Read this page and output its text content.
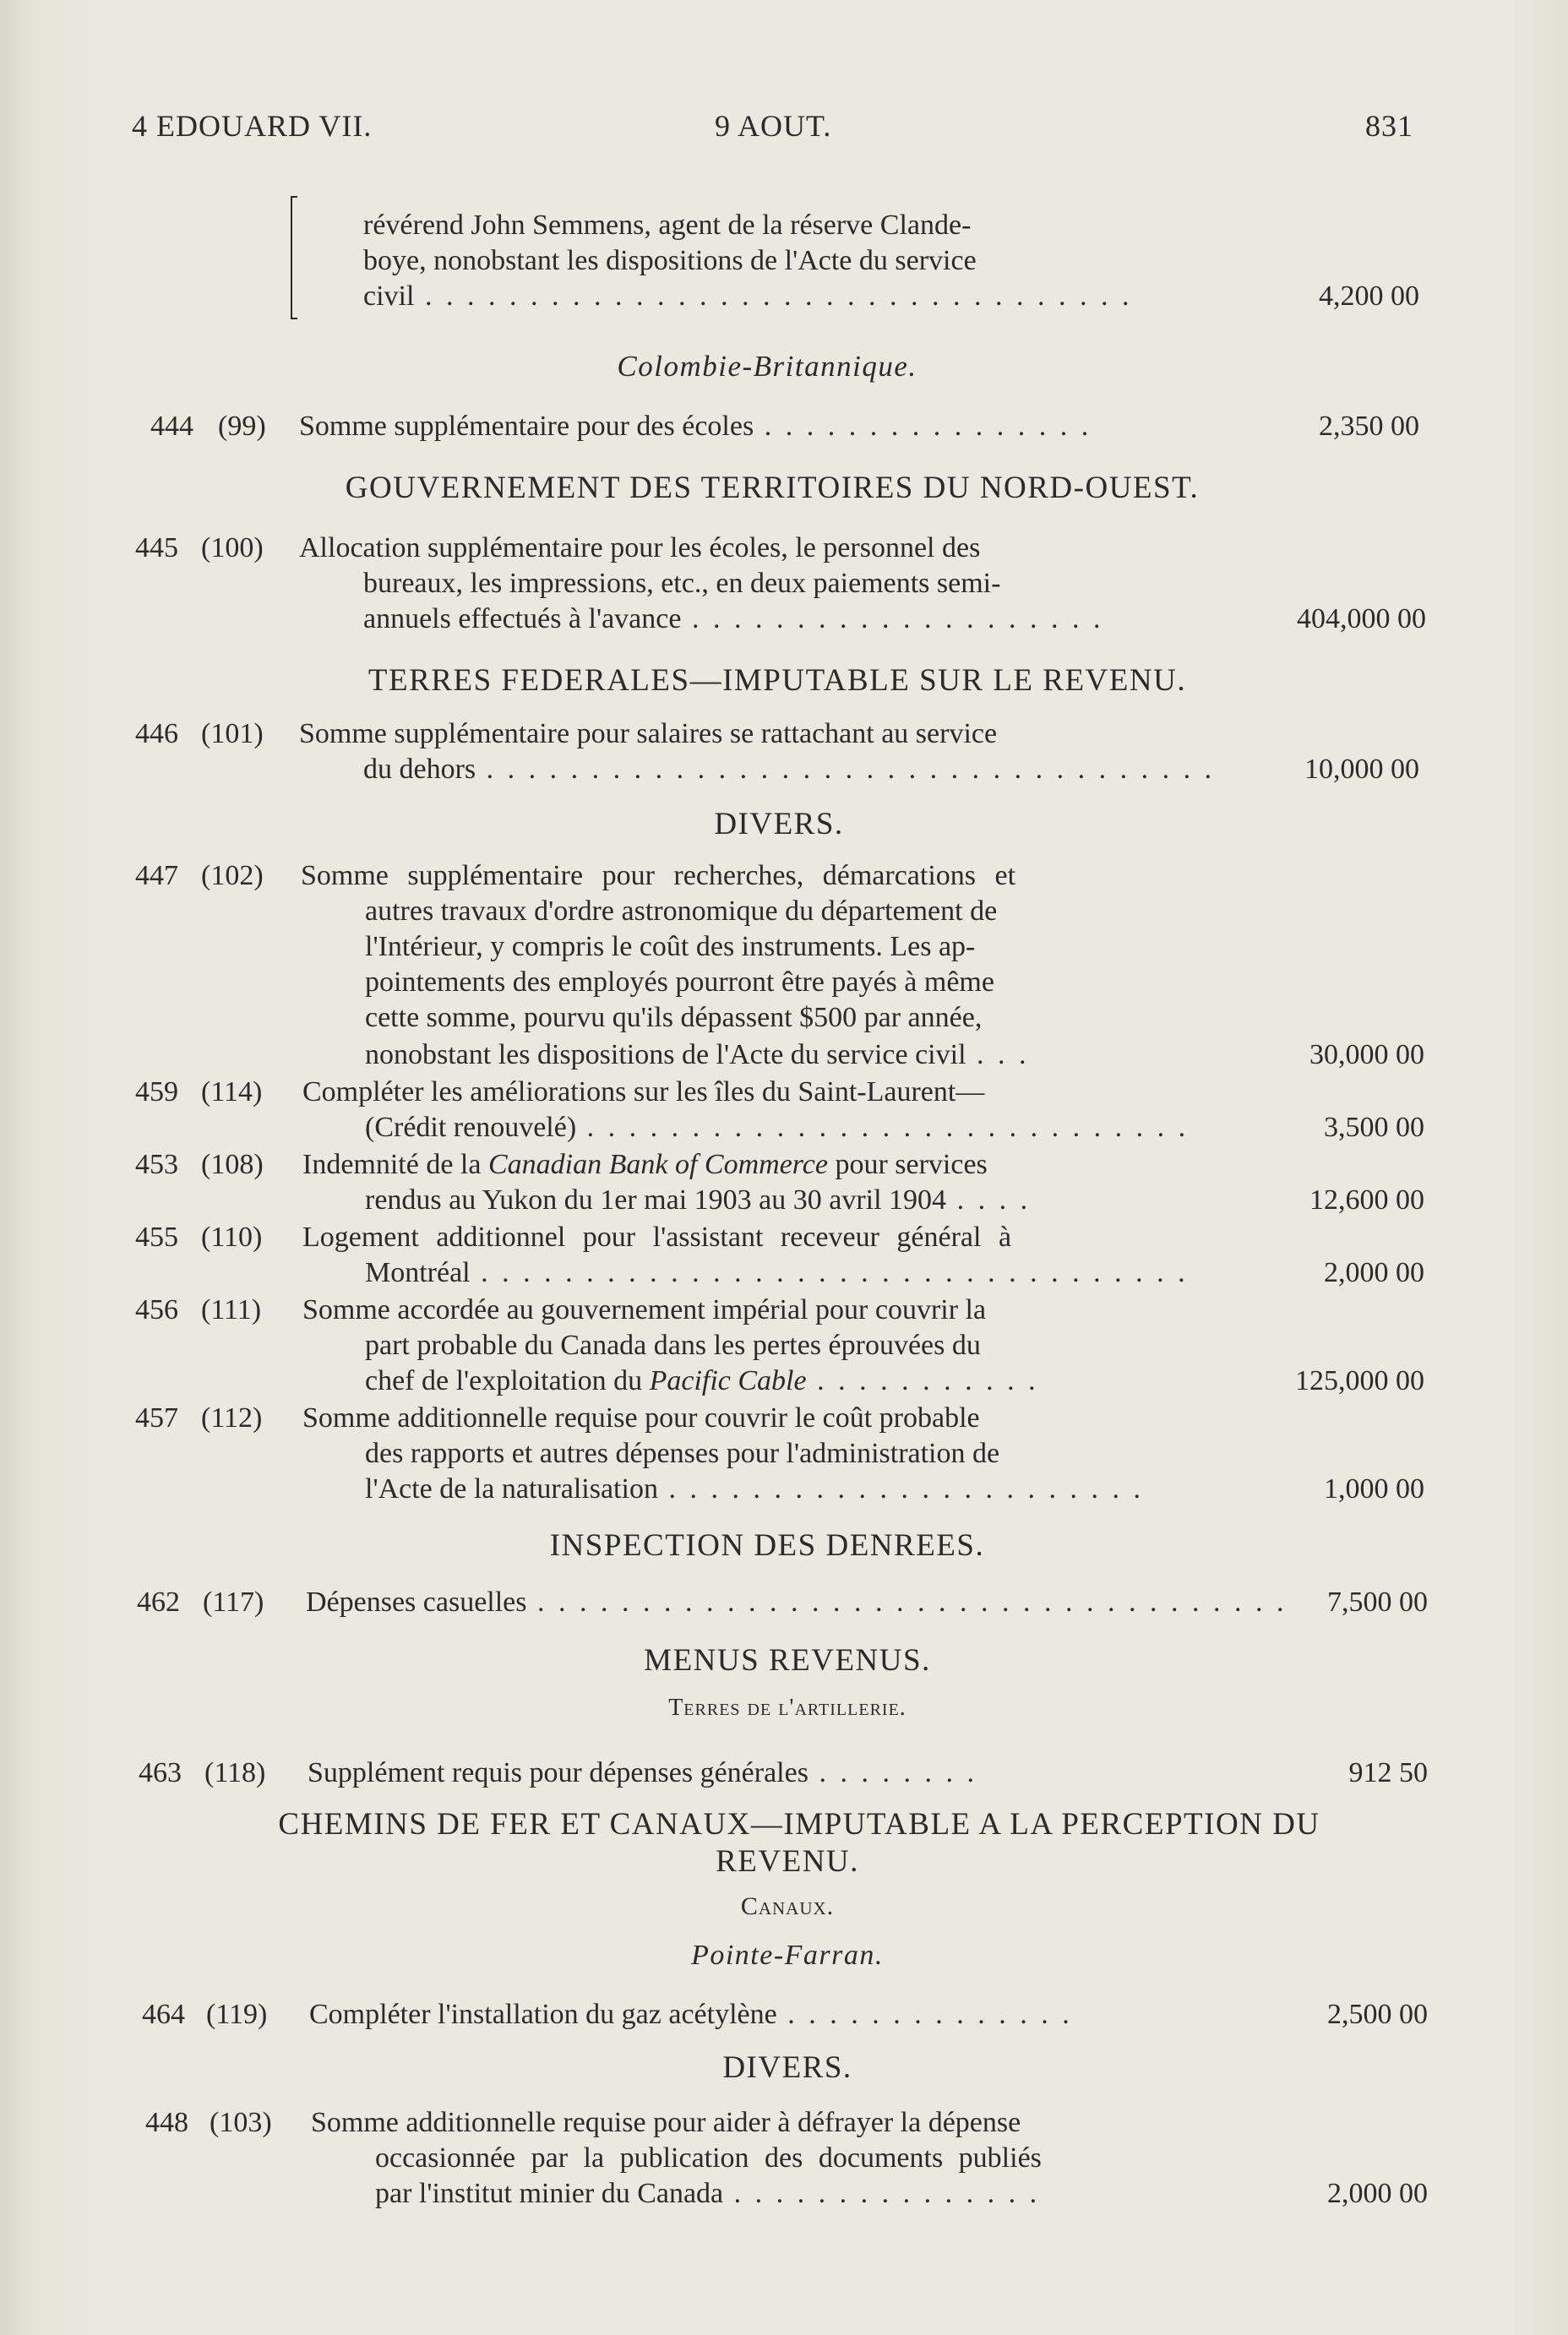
4 EDOUARD VII.	9 AOUT.	831
révérend John Semmens, agent de la réserve Clande-
boye, nonobstant les dispositions de l'Acte du service
civil . . . . . . . . . . . . . . . . . . . . . . . . . . . . . . . . . .	4,200 00
Colombie-Britannique.
444 (99) Somme supplémentaire pour des écoles . . . . . . . . . . . . . . . .	2,350 00
GOUVERNEMENT DES TERRITOIRES DU NORD-OUEST.
445 (100) Allocation supplémentaire pour les écoles, le personnel des
bureaux, les impressions, etc., en deux paiements semi-
annuels effectués à l'avance . . . . . . . . . . . . . . . . . . . .	404,000 00
TERRES FEDERALES—IMPUTABLE SUR LE REVENU.
446 (101) Somme supplémentaire pour salaires se rattachant au service
du dehors . . . . . . . . . . . . . . . . . . . . . . . . . . . . . . . . . . .	10,000 00
DIVERS.
447 (102) Somme supplémentaire pour recherches, démarcations et
autres travaux d'ordre astronomique du département de
l'Intérieur, y compris le coût des instruments. Les ap-
pointements des employés pourront être payés à même
cette somme, pourvu qu'ils dépassent $500 par année,
nonobstant les dispositions de l'Acte du service civil . . .	30,000 00
459 (114) Compléter les améliorations sur les îles du Saint-Laurent—
(Crédit renouvelé) . . . . . . . . . . . . . . . . . . . . . . . . . . . . .	3,500 00
453 (108) Indemnité de la Canadian Bank of Commerce pour services
rendus au Yukon du 1er mai 1903 au 30 avril 1904 . . . .	12,600 00
455 (110) Logement additionnel pour l'assistant receveur général à
Montréal . . . . . . . . . . . . . . . . . . . . . . . . . . . . . . . . . .	2,000 00
456 (111) Somme accordée au gouvernement impérial pour couvrir la
part probable du Canada dans les pertes éprouvées du
chef de l'exploitation du Pacific Cable . . . . . . . . . . .	125,000 00
457 (112) Somme additionnelle requise pour couvrir le coût probable
des rapports et autres dépenses pour l'administration de
l'Acte de la naturalisation . . . . . . . . . . . . . . . . . . . . . . .	1,000 00
INSPECTION DES DENREES.
462 (117) Dépenses casuelles . . . . . . . . . . . . . . . . . . . . . . . . . . . . . . . . . . . . 7,500 00
MENUS REVENUS.
Terres de l'artillerie.
463 (118) Supplément requis pour dépenses générales . . . . . . . .	912 50
CHEMINS DE FER ET CANAUX—IMPUTABLE A LA PERCEPTION DU
REVENU.
Canaux.
Pointe-Farran.
464 (119) Compléter l'installation du gaz acétylène . . . . . . . . . . . . . .	2,500 00
DIVERS.
448 (103) Somme additionnelle requise pour aider à défrayer la dépense
occasionnée par la publication des documents publiés
par l'institut minier du Canada . . . . . . . . . . . . . . .	2,000 00
